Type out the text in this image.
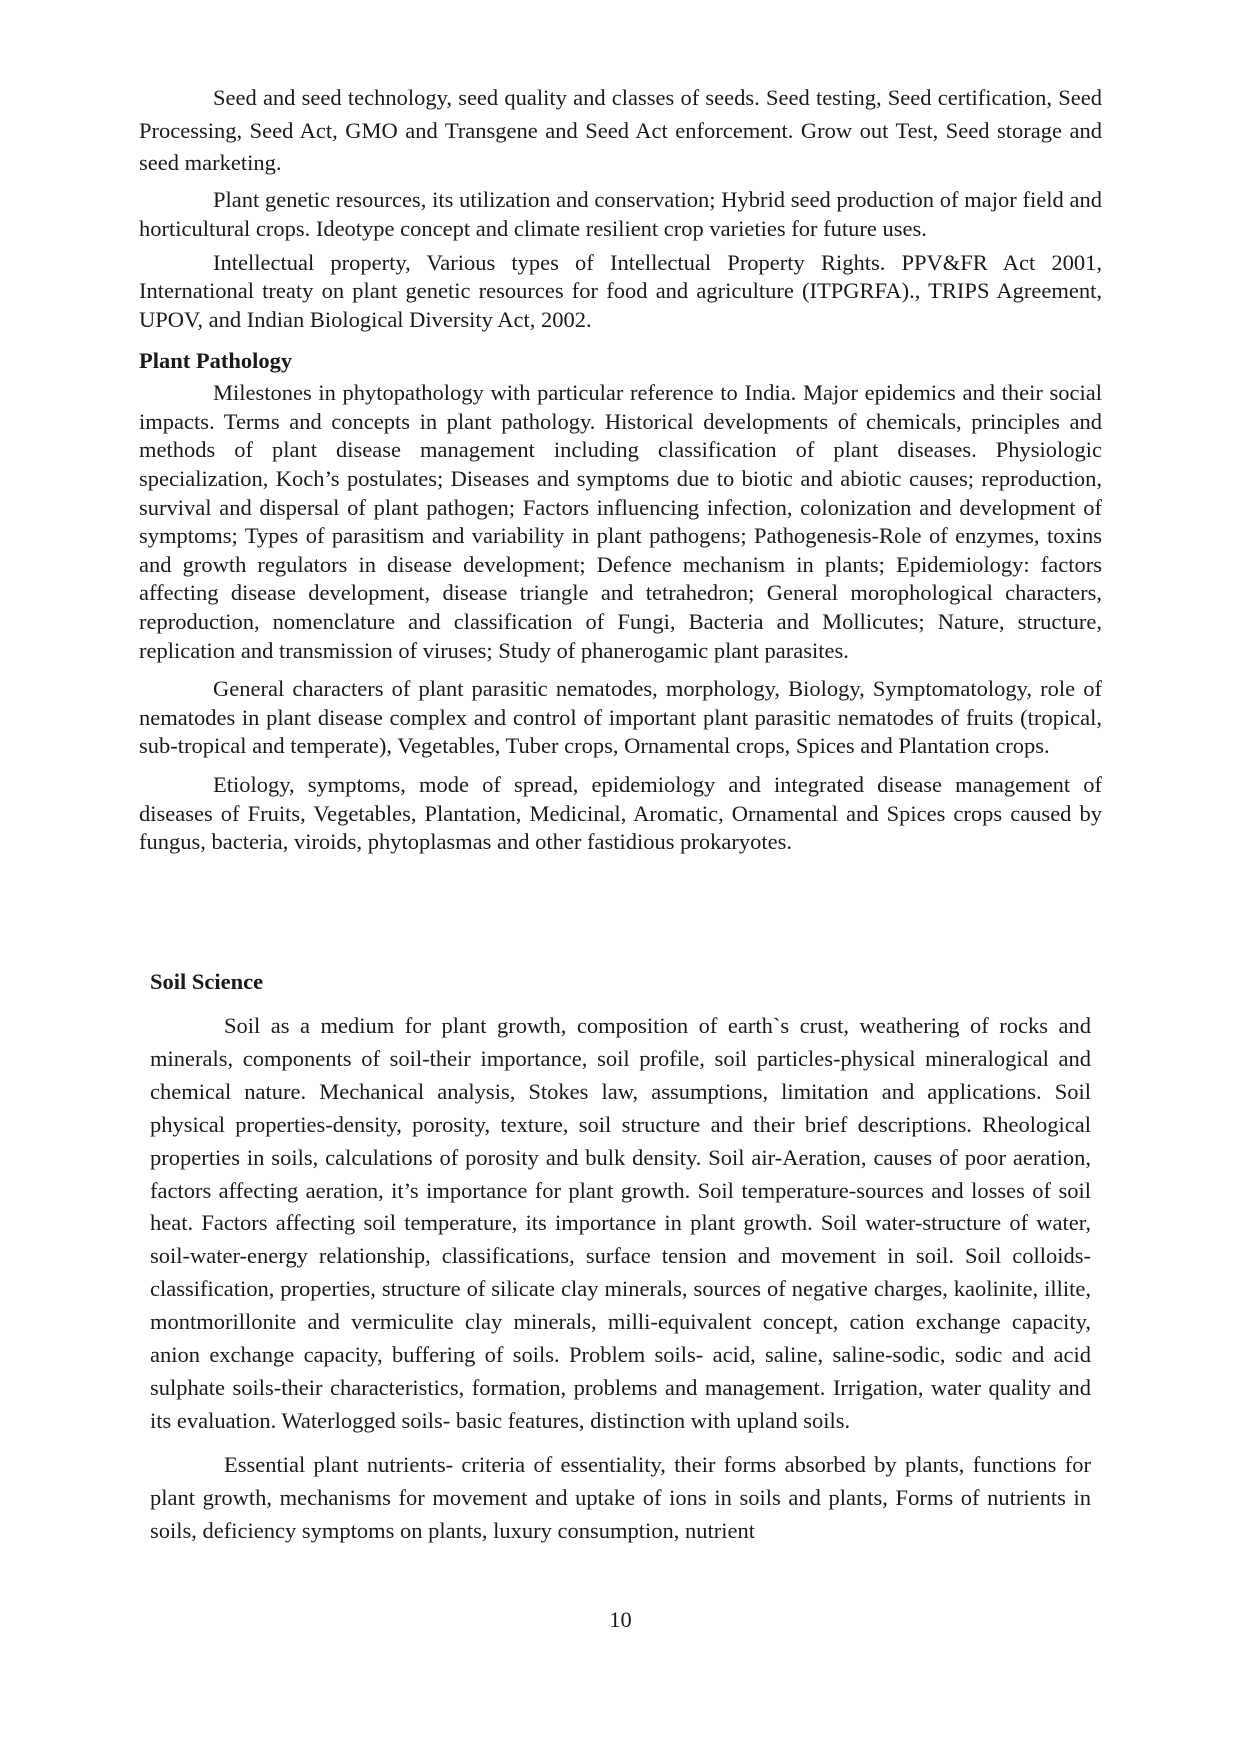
Seed and seed technology, seed quality and classes of seeds. Seed testing, Seed certification, Seed Processing, Seed Act, GMO and Transgene and Seed Act enforcement. Grow out Test, Seed storage and seed marketing.

Plant genetic resources, its utilization and conservation; Hybrid seed production of major field and horticultural crops. Ideotype concept and climate resilient crop varieties for future uses.

Intellectual property, Various types of Intellectual Property Rights. PPV&FR Act 2001, International treaty on plant genetic resources for food and agriculture (ITPGRFA)., TRIPS Agreement, UPOV, and Indian Biological Diversity Act, 2002.

Plant Pathology

Milestones in phytopathology with particular reference to India. Major epidemics and their social impacts. Terms and concepts in plant pathology. Historical developments of chemicals, principles and methods of plant disease management including classification of plant diseases. Physiologic specialization, Koch’s postulates; Diseases and symptoms due to biotic and abiotic causes; reproduction, survival and dispersal of plant pathogen; Factors influencing infection, colonization and development of symptoms; Types of parasitism and variability in plant pathogens; Pathogenesis-Role of enzymes, toxins and growth regulators in disease development; Defence mechanism in plants; Epidemiology: factors affecting disease development, disease triangle and tetrahedron; General morophological characters, reproduction, nomenclature and classification of Fungi, Bacteria and Mollicutes; Nature, structure, replication and transmission of viruses; Study of phanerogamic plant parasites.

General characters of plant parasitic nematodes, morphology, Biology, Symptomatology, role of nematodes in plant disease complex and control of important plant parasitic nematodes of fruits (tropical, sub-tropical and temperate), Vegetables, Tuber crops, Ornamental crops, Spices and Plantation crops.

Etiology, symptoms, mode of spread, epidemiology and integrated disease management of diseases of Fruits, Vegetables, Plantation, Medicinal, Aromatic, Ornamental and Spices crops caused by fungus, bacteria, viroids, phytoplasmas and other fastidious prokaryotes.

Soil Science

Soil as a medium for plant growth, composition of earth`s crust, weathering of rocks and minerals, components of soil-their importance, soil profile, soil particles-physical mineralogical and chemical nature. Mechanical analysis, Stokes law, assumptions, limitation and applications. Soil physical properties-density, porosity, texture, soil structure and their brief descriptions. Rheological properties in soils, calculations of porosity and bulk density. Soil air-Aeration, causes of poor aeration, factors affecting aeration, it’s importance for plant growth. Soil temperature-sources and losses of soil heat. Factors affecting soil temperature, its importance in plant growth. Soil water-structure of water, soil-water-energy relationship, classifications, surface tension and movement in soil. Soil colloids-classification, properties, structure of silicate clay minerals, sources of negative charges, kaolinite, illite, montmorillonite and vermiculite clay minerals, milli-equivalent concept, cation exchange capacity, anion exchange capacity, buffering of soils. Problem soils- acid, saline, saline-sodic, sodic and acid sulphate soils-their characteristics, formation, problems and management. Irrigation, water quality and its evaluation. Waterlogged soils- basic features, distinction with upland soils.

Essential plant nutrients- criteria of essentiality, their forms absorbed by plants, functions for plant growth, mechanisms for movement and uptake of ions in soils and plants, Forms of nutrients in soils, deficiency symptoms on plants, luxury consumption, nutrient

10
